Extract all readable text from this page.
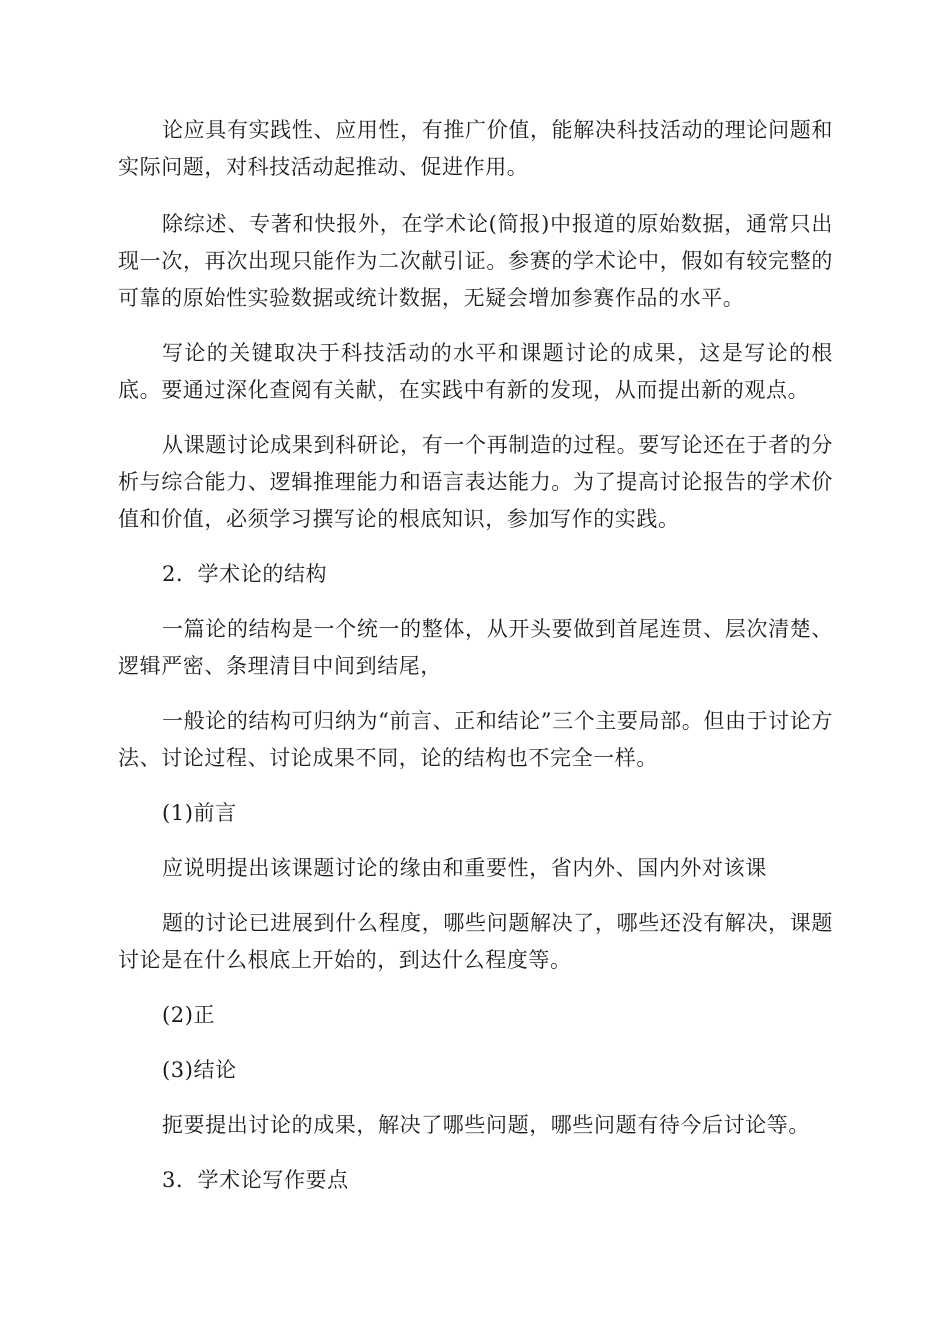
论应具有实践性、应用性，有推广价值，能解决科技活动的理论问题和实际问题，对科技活动起推动、促进作用。

除综述、专著和快报外，在学术论(简报)中报道的原始数据，通常只出现一次，再次出现只能作为二次献引证。参赛的学术论中，假如有较完整的可靠的原始性实验数据或统计数据，无疑会增加参赛作品的水平。

写论的关键取决于科技活动的水平和课题讨论的成果，这是写论的根底。要通过深化查阅有关献，在实践中有新的发现，从而提出新的观点。

从课题讨论成果到科研论，有一个再制造的过程。要写论还在于者的分析与综合能力、逻辑推理能力和语言表达能力。为了提高讨论报告的学术价值和价值，必须学习撰写论的根底知识，参加写作的实践。

2．学术论的结构

一篇论的结构是一个统一的整体，从开头要做到首尾连贯、层次清楚、逻辑严密、条理清目中间到结尾，

一般论的结构可归纳为“前言、正和结论”三个主要局部。但由于讨论方法、讨论过程、讨论成果不同，论的结构也不完全一样。

(1)前言

应说明提出该课题讨论的缘由和重要性，省内外、国内外对该课

题的讨论已进展到什么程度，哪些问题解决了，哪些还没有解决，课题讨论是在什么根底上开始的，到达什么程度等。

(2)正

(3)结论

扼要提出讨论的成果，解决了哪些问题，哪些问题有待今后讨论等。

3．学术论写作要点
